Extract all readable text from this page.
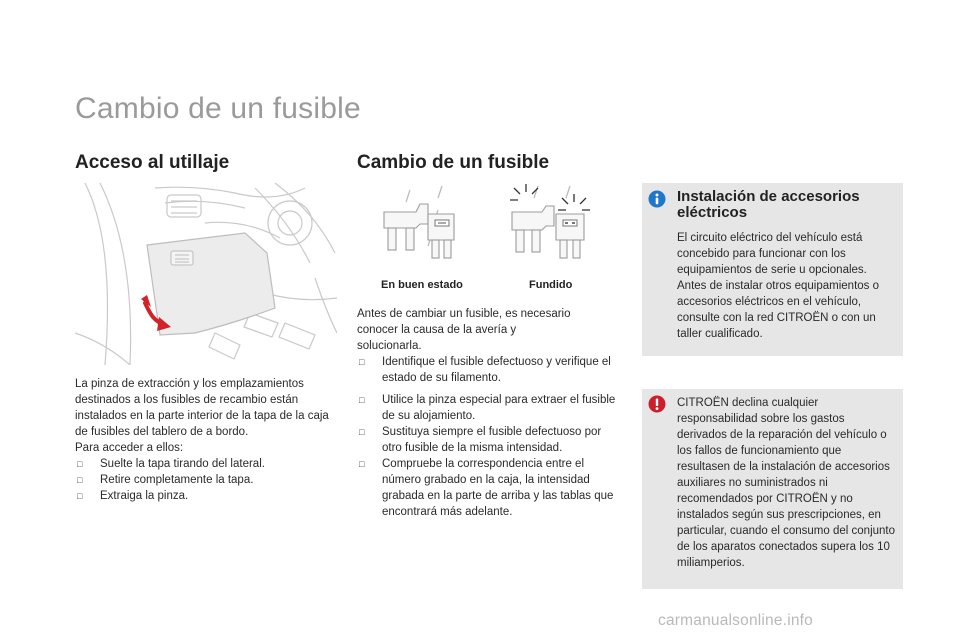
Cambio de un fusible
Acceso al utillaje

La pinza de extracción y los emplazamientos destinados a los fusibles de recambio están instalados en la parte interior de la tapa de la caja de fusibles del tablero de a bordo.

Para acceder a ellos:

□ Suelte la tapa tirando del lateral.
□ Retire completamente la tapa.
□ Extraiga la pinza.
Cambio de un fusible
En buen estado	Fundido

Antes de cambiar un fusible, es necesario

conocer la causa de la avería y

solucionarla.

□ Identifique el fusible defectuoso y verifique el estado de su filamento.
□ Utilice la pinza especial para extraer el fusible de su alojamiento.
□ Sustituya siempre el fusible defectuoso por otro fusible de la misma intensidad.
□ Compruebe la correspondencia entre el número grabado en la caja, la intensidad grabada en la parte de arriba y las tablas que encontrará más adelante.
Instalación de accesorios eléctricos
El circuito eléctrico del vehículo está concebido para funcionar con los equipamientos de serie u opcionales. Antes de instalar otros equipamientos o accesorios eléctricos en el vehículo, consulte con la red CITROËN o con un taller cualificado.
CITROËN declina cualquier responsabilidad sobre los gastos derivados de la reparación del vehículo o los fallos de funcionamiento que resultasen de la instalación de accesorios auxiliares no suministrados ni recomendados por CITROËN y no instalados según sus prescripciones, en particular, cuando el consumo del conjunto de los aparatos conectados supera los 10 miliamperios.
carmanualsonline.info
